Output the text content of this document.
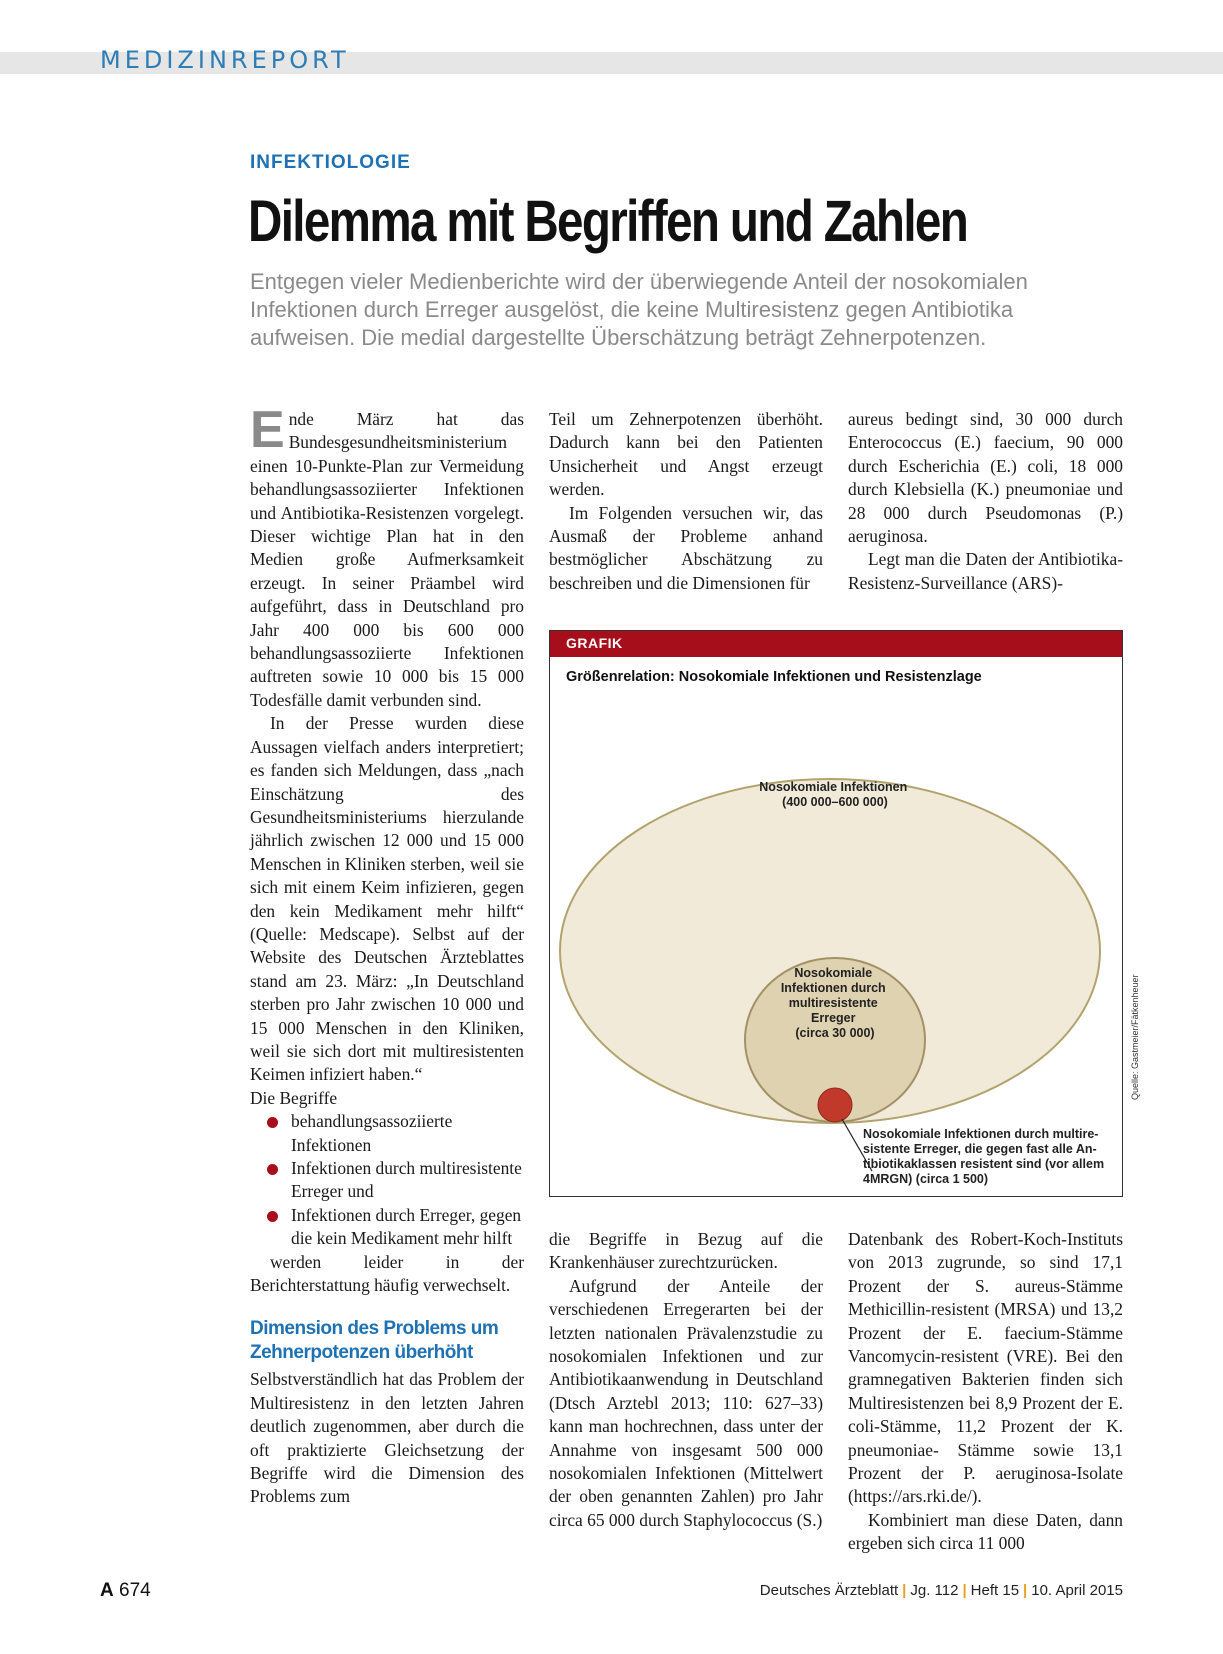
MEDIZINREPORT
INFEKTIOLOGIE
Dilemma mit Begriffen und Zahlen
Entgegen vieler Medienberichte wird der überwiegende Anteil der nosokomialen Infektionen durch Erreger ausgelöst, die keine Multiresistenz gegen Antibiotika aufweisen. Die medial dargestellte Überschätzung beträgt Zehnerpotenzen.

Ende März hat das Bundesgesundheitsministerium einen 10-Punkte-Plan zur Vermeidung behandlungsassoziierter Infektionen und Antibiotika-Resistenzen vorgelegt. Dieser wichtige Plan hat in den Medien große Aufmerksamkeit erzeugt. In seiner Präambel wird aufgeführt, dass in Deutschland pro Jahr 400 000 bis 600 000 behandlungsassoziierte Infektionen auftreten sowie 10 000 bis 15 000 Todesfälle damit verbunden sind.

In der Presse wurden diese Aussagen vielfach anders interpretiert; es fanden sich Meldungen, dass „nach Einschätzung des Gesundheitsministeriums hierzulande jährlich zwischen 12 000 und 15 000 Menschen in Kliniken sterben, weil sie sich mit einem Keim infizieren, gegen den kein Medikament mehr hilft“ (Quelle: Medscape). Selbst auf der Website des Deutschen Ärzteblattes stand am 23. März: „In Deutschland sterben pro Jahr zwischen 10 000 und 15 000 Menschen in den Kliniken, weil sie sich dort mit multiresistenten Keimen infiziert haben.“

Die Begriffe

behandlungsassoziierte Infektionen
Infektionen durch multiresistente Erreger und
Infektionen durch Erreger, gegen die kein Medikament mehr hilft

werden leider in der Berichterstattung häufig verwechselt.

Dimension des Problems um Zehnerpotenzen überhöht

Selbstverständlich hat das Problem der Multiresistenz in den letzten Jahren deutlich zugenommen, aber durch die oft praktizierte Gleichsetzung der Begriffe wird die Dimension des Problems zum

Teil um Zehnerpotenzen überhöht. Dadurch kann bei den Patienten Unsicherheit und Angst erzeugt werden.

Im Folgenden versuchen wir, das Ausmaß der Probleme anhand bestmöglicher Abschätzung zu beschreiben und die Dimensionen für

aureus bedingt sind, 30 000 durch Enterococcus (E.) faecium, 90 000 durch Escherichia (E.) coli, 18 000 durch Klebsiella (K.) pneumoniae und 28 000 durch Pseudomonas (P.) aeruginosa.

Legt man die Daten der Antibiotika-Resistenz-Surveillance (ARS)-

GRAFIK
Größenrelation: Nosokomiale Infektionen und Resistenzlage
Nosokomiale Infektionen (400 000–600 000)
Nosokomiale Infektionen durch multiresistente Erreger (circa 30 000)
Nosokomiale Infektionen durch multire- sistente Erreger, die gegen fast alle An- tibiotikaklassen resistent sind (vor allem 4MRGN) (circa 1 500)
Quelle: Gastmeier/Fätkenheuer

die Begriffe in Bezug auf die Krankenhäuser zurechtzurücken.

Aufgrund der Anteile der verschiedenen Erregerarten bei der letzten nationalen Prävalenzstudie zu nosokomialen Infektionen und zur Antibiotikaanwendung in Deutschland (Dtsch Arztebl 2013; 110: 627–33) kann man hochrechnen, dass unter der Annahme von insgesamt 500 000 nosokomialen Infektionen (Mittelwert der oben genannten Zahlen) pro Jahr circa 65 000 durch Staphylococcus (S.)

Datenbank des Robert-Koch-Instituts von 2013 zugrunde, so sind 17,1 Prozent der S. aureus-Stämme Methicillin-resistent (MRSA) und 13,2 Prozent der E. faecium-Stämme Vancomycin-resistent (VRE). Bei den gramnegativen Bakterien finden sich Multiresistenzen bei 8,9 Prozent der E. coli-Stämme, 11,2 Prozent der K. pneumoniae- Stämme sowie 13,1 Prozent der P. aeruginosa-Isolate (https://ars.rki.de/).

Kombiniert man diese Daten, dann ergeben sich circa 11 000

A 674	Deutsches Ärzteblatt | Jg. 112 | Heft 15 | 10. April 2015
